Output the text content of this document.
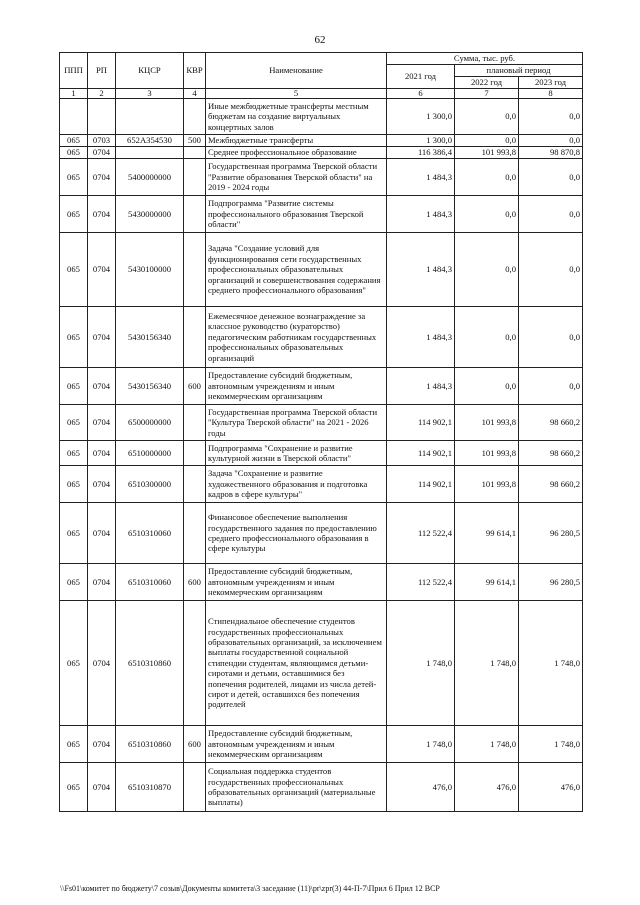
62
ППП	РП	КЦСР	КВР	Наименование	Сумма, тыс. руб.		
					2021 год	плановый период	
						2022 год	2023 год
1	2	3	4	5	6	7	8
				Иные межбюджетные трансферты местным бюджетам на создание виртуальных концертных залов	1 300,0	0,0	0,0
065	0703	652A354530	500	Межбюджетные трансферты	1 300,0	0,0	0,0
065	0704			Среднее профессиональное образование	116 386,4	101 993,8	98 870,8
065	0704	5400000000		Государственная программа Тверской области "Развитие образования Тверской области" на 2019 - 2024 годы	1 484,3	0,0	0,0
065	0704	5430000000		Подпрограмма "Развитие системы профессионального образования Тверской области"	1 484,3	0,0	0,0
065	0704	5430100000		Задача "Создание условий для функционирования сети государственных профессиональных образовательных организаций и совершенствования содержания среднего профессионального образования"	1 484,3	0,0	0,0
065	0704	5430156340		Ежемесячное денежное вознаграждение за классное руководство (кураторство) педагогическим работникам государственных профессиональных образовательных организаций	1 484,3	0,0	0,0
065	0704	5430156340	600	Предоставление субсидий бюджетным, автономным учреждениям и иным некоммерческим организациям	1 484,3	0,0	0,0
065	0704	6500000000		Государственная программа Тверской области "Культура Тверской области" на 2021 - 2026 годы	114 902,1	101 993,8	98 660,2
065	0704	6510000000		Подпрограмма "Сохранение и развитие культурной жизни в Тверской области"	114 902,1	101 993,8	98 660,2
065	0704	6510300000		Задача "Сохранение и развитие художественного образования и подготовка кадров в сфере культуры"	114 902,1	101 993,8	98 660,2
065	0704	6510310060		Финансовое обеспечение выполнения государственного задания по предоставлению среднего профессионального образования в сфере культуры	112 522,4	99 614,1	96 280,5
065	0704	6510310060	600	Предоставление субсидий бюджетным, автономным учреждениям и иным некоммерческим организациям	112 522,4	99 614,1	96 280,5
065	0704	6510310860		Стипендиальное обеспечение студентов государственных профессиональных образовательных организаций, за исключением выплаты государственной социальной стипендии студентам, являющимся детьми-сиротами и детьми, оставшимися без попечения родителей, лицами из числа детей-сирот и детей, оставшихся без попечения родителей	1 748,0	1 748,0	1 748,0
065	0704	6510310860	600	Предоставление субсидий бюджетным, автономным учреждениям и иным некоммерческим организациям	1 748,0	1 748,0	1 748,0
065	0704	6510310870		Социальная поддержка студентов государственных профессиональных образовательных организаций (материальные выплаты)	476,0	476,0	476,0
\\Fs01\комитет по бюджету\7 созыв\Документы комитета\3 заседание (11)\pr\zpr(3) 44-П-7\Прил 6 Прил 12 ВСР
